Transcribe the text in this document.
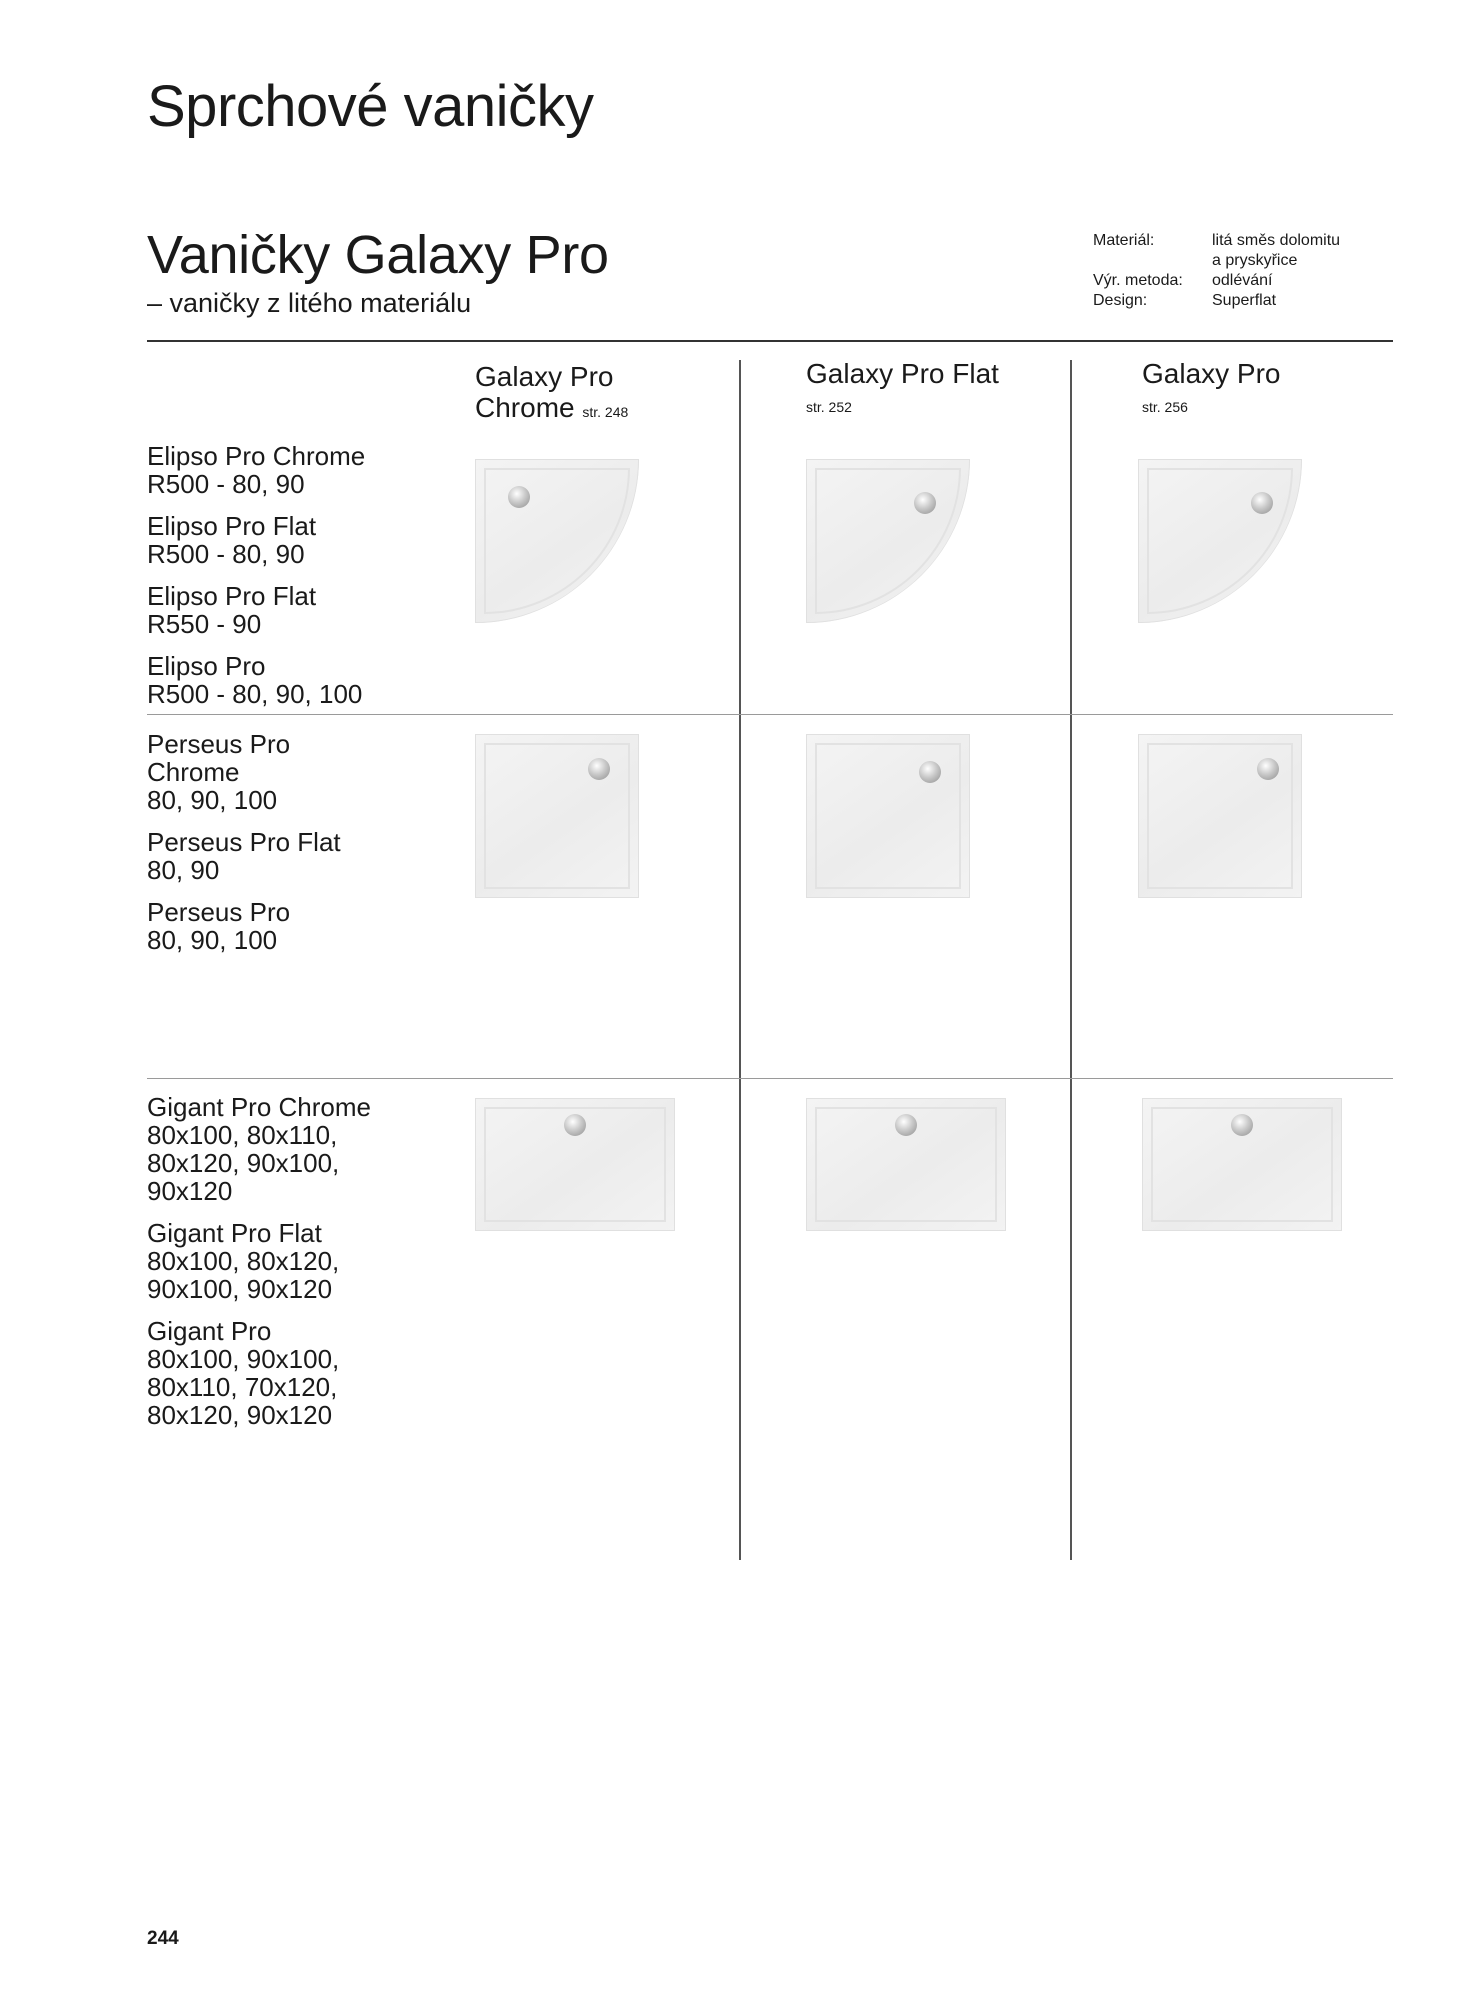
Sprchové vaničky
Vaničky Galaxy Pro
– vaničky z litého materiálu
Materiál:	litá směs dolomitu
a pryskyřice
Výr. metoda:	odlévání
Design:	Superflat
Galaxy Pro
Chrome str. 248
Galaxy Pro Flat
str. 252
Galaxy Pro
str. 256
Elipso Pro Chrome
R500 - 80, 90
Elipso Pro Flat
R500 - 80, 90
Elipso Pro Flat
R550 - 90
Elipso Pro
R500 - 80, 90, 100
Perseus Pro
Chrome
80, 90, 100
Perseus Pro Flat
80, 90
Perseus Pro
80, 90, 100
Gigant Pro Chrome
80x100, 80x110,
80x120, 90x100,
90x120
Gigant Pro Flat
80x100, 80x120,
90x100, 90x120
Gigant Pro
80x100, 90x100,
80x110, 70x120,
80x120, 90x120
244
